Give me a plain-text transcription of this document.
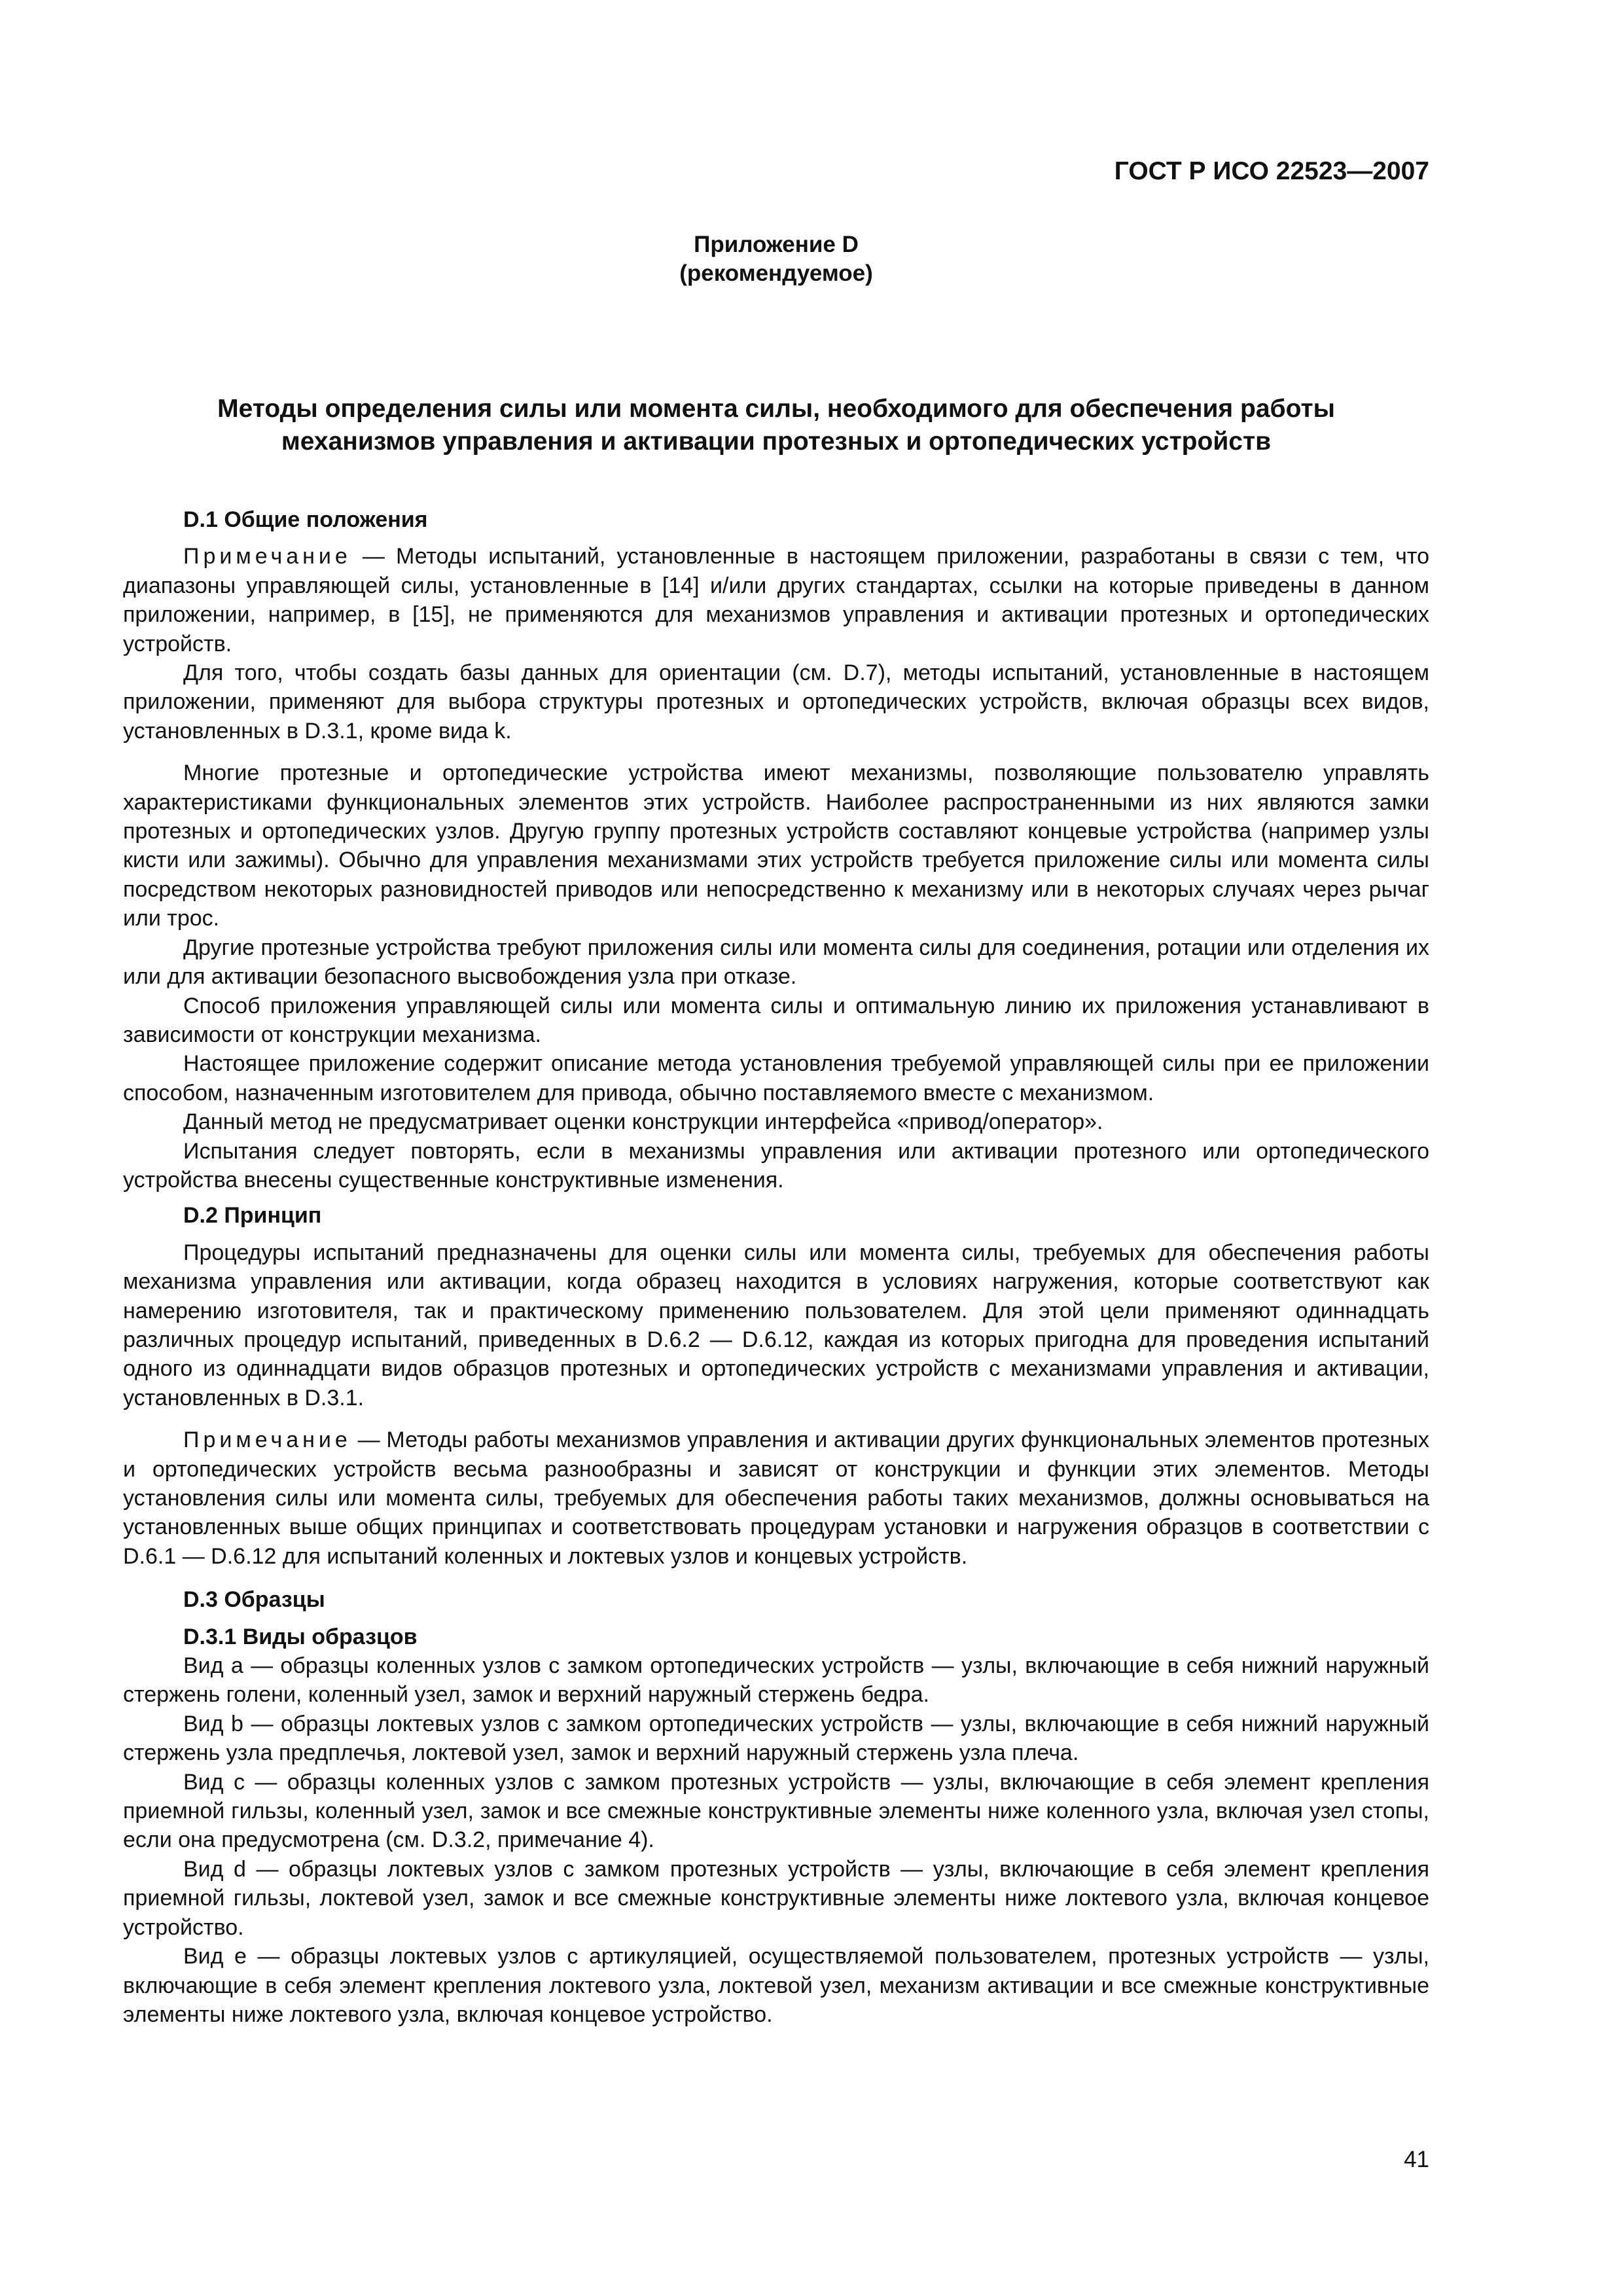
ГОСТ Р ИСО 22523—2007

Приложение D
(рекомендуемое)
Методы определения силы или момента силы, необходимого для обеспечения работы
механизмов управления и активации протезных и ортопедических устройств
D.1 Общие положения

Примечание — Методы испытаний, установленные в настоящем приложении, разработаны в связи с тем, что диапазоны управляющей силы, установленные в [14] и/или других стандартах, ссылки на которые приведены в данном приложении, например, в [15], не применяются для механизмов управления и активации протезных и ортопедических устройств.

Для того, чтобы создать базы данных для ориентации (см. D.7), методы испытаний, установленные в настоящем приложении, применяют для выбора структуры протезных и ортопедических устройств, включая образцы всех видов, установленных в D.3.1, кроме вида k.

Многие протезные и ортопедические устройства имеют механизмы, позволяющие пользователю управлять характеристиками функциональных элементов этих устройств. Наиболее распространенными из них являются замки протезных и ортопедических узлов. Другую группу протезных устройств составляют концевые устройства (например узлы кисти или зажимы). Обычно для управления механизмами этих устройств требуется приложение силы или момента силы посредством некоторых разновидностей приводов или непосредственно к механизму или в некоторых случаях через рычаг или трос.

Другие протезные устройства требуют приложения силы или момента силы для соединения, ротации или отделения их или для активации безопасного высвобождения узла при отказе.

Способ приложения управляющей силы или момента силы и оптимальную линию их приложения устанавливают в зависимости от конструкции механизма.

Настоящее приложение содержит описание метода установления требуемой управляющей силы при ее приложении способом, назначенным изготовителем для привода, обычно поставляемого вместе с механизмом.

Данный метод не предусматривает оценки конструкции интерфейса «привод/оператор».

Испытания следует повторять, если в механизмы управления или активации протезного или ортопедического устройства внесены существенные конструктивные изменения.

D.2 Принцип

Процедуры испытаний предназначены для оценки силы или момента силы, требуемых для обеспечения работы механизма управления или активации, когда образец находится в условиях нагружения, которые соответствуют как намерению изготовителя, так и практическому применению пользователем. Для этой цели применяют одиннадцать различных процедур испытаний, приведенных в D.6.2 — D.6.12, каждая из которых пригодна для проведения испытаний одного из одиннадцати видов образцов протезных и ортопедических устройств с механизмами управления и активации, установленных в D.3.1.

Примечание — Методы работы механизмов управления и активации других функциональных элементов протезных и ортопедических устройств весьма разнообразны и зависят от конструкции и функции этих элементов. Методы установления силы или момента силы, требуемых для обеспечения работы таких механизмов, должны основываться на установленных выше общих принципах и соответствовать процедурам установки и нагружения образцов в соответствии с D.6.1 — D.6.12 для испытаний коленных и локтевых узлов и концевых устройств.

D.3 Образцы
D.3.1 Виды образцов

Вид a — образцы коленных узлов с замком ортопедических устройств — узлы, включающие в себя нижний наружный стержень голени, коленный узел, замок и верхний наружный стержень бедра.

Вид b — образцы локтевых узлов с замком ортопедических устройств — узлы, включающие в себя нижний наружный стержень узла предплечья, локтевой узел, замок и верхний наружный стержень узла плеча.

Вид c — образцы коленных узлов с замком протезных устройств — узлы, включающие в себя элемент крепления приемной гильзы, коленный узел, замок и все смежные конструктивные элементы ниже коленного узла, включая узел стопы, если она предусмотрена (см. D.3.2, примечание 4).

Вид d — образцы локтевых узлов с замком протезных устройств — узлы, включающие в себя элемент крепления приемной гильзы, локтевой узел, замок и все смежные конструктивные элементы ниже локтевого узла, включая концевое устройство.

Вид e — образцы локтевых узлов с артикуляцией, осуществляемой пользователем, протезных устройств — узлы, включающие в себя элемент крепления локтевого узла, локтевой узел, механизм активации и все смежные конструктивные элементы ниже локтевого узла, включая концевое устройство.

41
